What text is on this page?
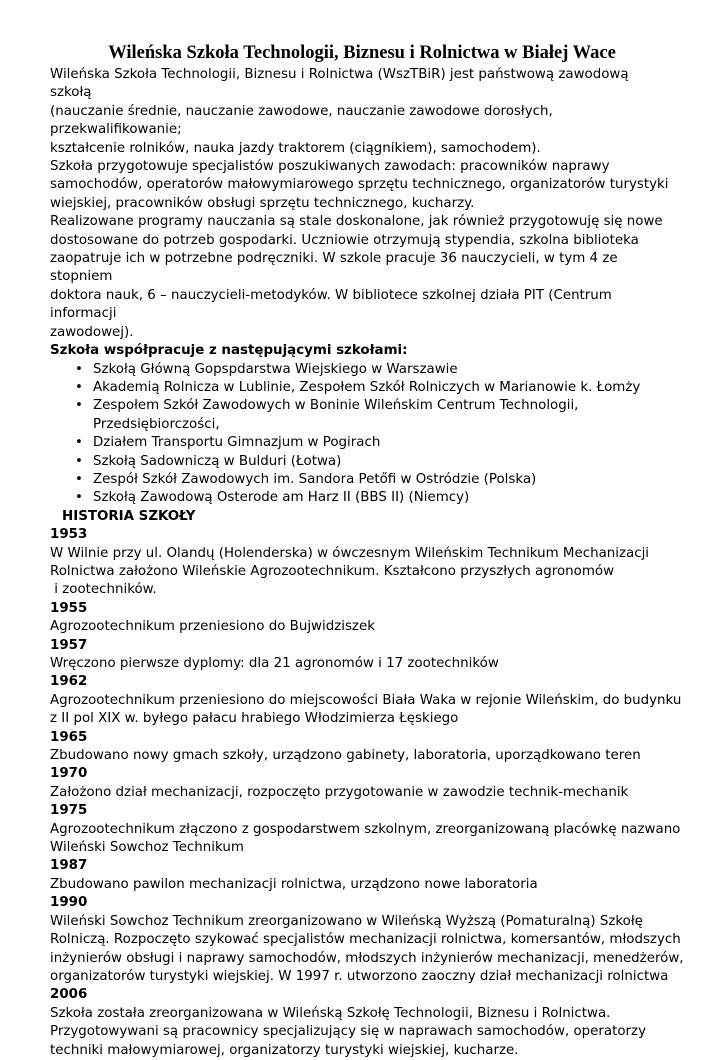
Wileńska Szkoła Technologii, Biznesu i Rolnictwa w Białej Wace
Wileńska Szkoła Technologii, Biznesu i Rolnictwa (WszTBiR) jest państwową zawodową szkołą
(nauczanie średnie, nauczanie zawodowe, nauczanie zawodowe dorosłych, przekwalifikowanie;
kształcenie rolników, nauka jazdy traktorem (ciągnikiem), samochodem).
Szkoła przygotowuje specjalistów poszukiwanych zawodach: pracowników naprawy
samochodów, operatorów małowymiarowego sprzętu technicznego, organizatorów turystyki
wiejskiej, pracowników obsługi sprzętu technicznego, kucharzy.
Realizowane programy nauczania są stale doskonalone, jak również przygotowuję się nowe
dostosowane do potrzeb gospodarki. Uczniowie otrzymują stypendia, szkolna biblioteka
zaopatruje ich w potrzebne podręczniki. W szkole pracuje 36 nauczycieli, w tym 4 ze stopniem
doktora nauk, 6 – nauczycieli-metodyków. W bibliotece szkolnej działa PIT (Centrum informacji
zawodowej).
Szkoła współpracuje z następującymi szkołami:
• Szkołą Główną Gopspdarstwa Wiejskiego w Warszawie
• Akademią Rolnicza w Lublinie, Zespołem Szkół Rolniczych w Marianowie k. Łomży
• Zespołem Szkół Zawodowych w Boninie Wileńskim Centrum Technologii,
Przedsiębiorczości,
• Działem Transportu Gimnazjum w Pogirach
• Szkołą Sadowniczą w Bulduri (Łotwa)
• Zespół Szkół Zawodowych im. Sandora Petőfi w Ostródzie (Polska)
• Szkołą Zawodową Osterode am Harz II (BBS II) (Niemcy)
HISTORIA SZKOŁY
1953
W Wilnie przy ul. Olandų (Holenderska) w ówczesnym Wileńskim Technikum Mechanizacji
Rolnictwa założono Wileńskie Agrozootechnikum. Kształcono przyszłych agronomów
i zootechników.
1955
Agrozootechnikum przeniesiono do Bujwidziszek
1957
Wręczono pierwsze dyplomy: dla 21 agronomów i 17 zootechników
1962
Agrozootechnikum przeniesiono do miejscowości Biała Waka w rejonie Wileńskim, do budynku
z II pol XIX w. byłego pałacu hrabiego Włodzimierza Łęskiego
1965
Zbudowano nowy gmach szkoły, urządzono gabinety, laboratoria, uporządkowano teren
1970
Założono dział mechanizacji, rozpoczęto przygotowanie w zawodzie technik-mechanik
1975
Agrozootechnikum złączono z gospodarstwem szkolnym, zreorganizowaną placówkę nazwano
Wileński Sowchoz Technikum
1987
Zbudowano pawilon mechanizacji rolnictwa, urządzono nowe laboratoria
1990
Wileński Sowchoz Technikum zreorganizowano w Wileńską Wyższą (Pomaturalną) Szkołę
Rolniczą. Rozpoczęto szykować specjalistów mechanizacji rolnictwa, komersantów, młodszych
inżynierów obsługi i naprawy samochodów, młodszych inżynierów mechanizacji, menedżerów,
organizatorów turystyki wiejskiej. W 1997 r. utworzono zaoczny dział mechanizacji rolnictwa
2006
Szkoła została zreorganizowana w Wileńską Szkołę Technologii, Biznesu i Rolnictwa.
Przygotowywani są pracownicy specjalizujący się w naprawach samochodów, operatorzy
techniki małowymiarowej, organizatorzy turystyki wiejskiej, kucharze.
